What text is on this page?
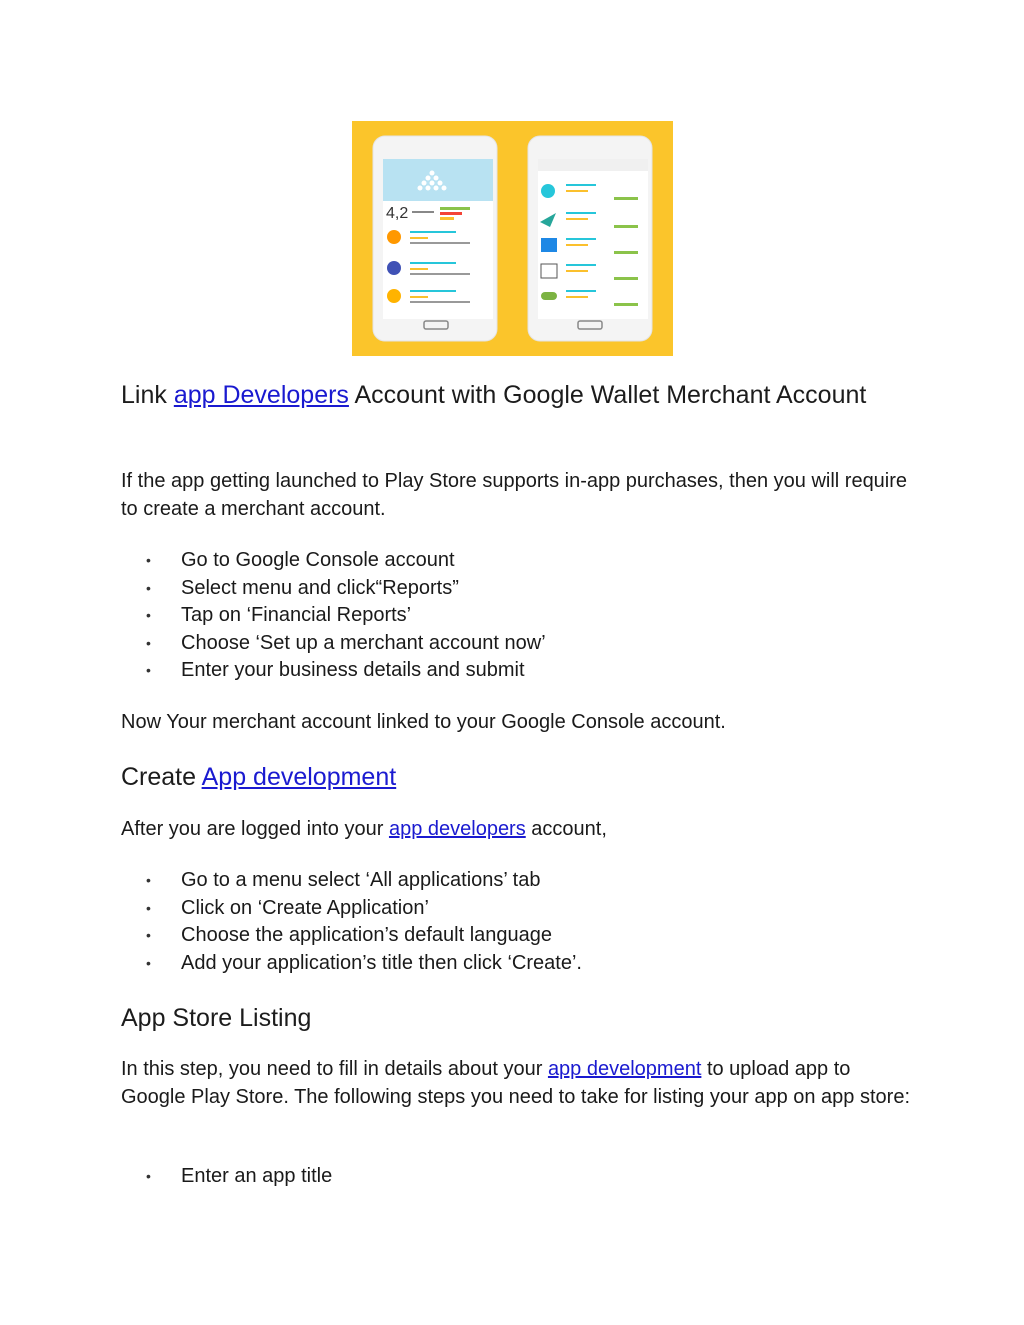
4,2
Link app Developers Account with Google Wallet Merchant Account

If the app getting launched to Play Store supports in-app purchases, then you will require to create a merchant account.

• Go to Google Console account
• Select menu and click“Reports”
• Tap on ‘Financial Reports’
• Choose ‘Set up a merchant account now’
• Enter your business details and submit

Now Your merchant account linked to your Google Console account.

Create App development

After you are logged into your app developers account,

• Go to a menu select ‘All applications’ tab
• Click on ‘Create Application’
• Choose the application’s default language
• Add your application’s title then click ‘Create’.
App Store Listing

In this step, you need to fill in details about your app development to upload app to Google Play Store. The following steps you need to take for listing your app on app store:

• Enter an app title
